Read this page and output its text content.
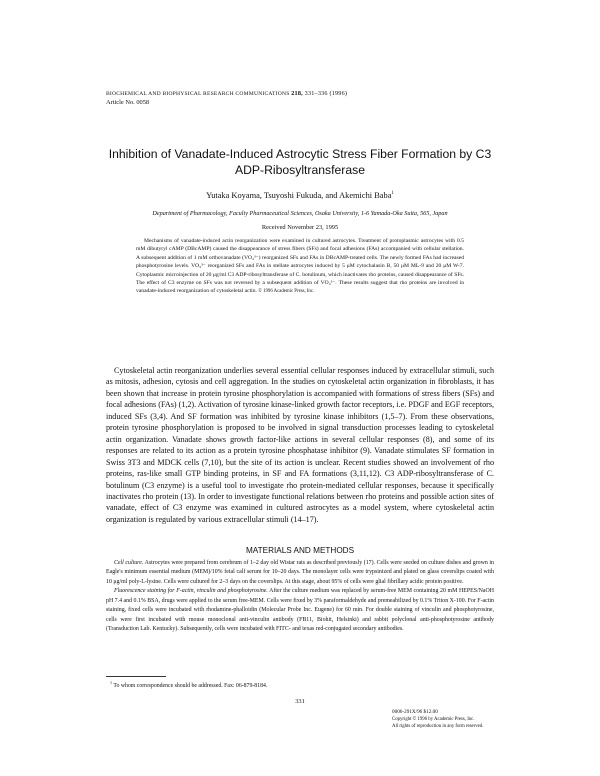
BIOCHEMICAL AND BIOPHYSICAL RESEARCH COMMUNICATIONS 218, 331–336 (1996)
Article No. 0058
Inhibition of Vanadate-Induced Astrocytic Stress Fiber Formation by C3 ADP-Ribosyltransferase
Yutaka Koyama, Tsuyoshi Fukuda, and Akemichi Baba$^1$
Department of Pharmacology, Faculty Pharmaceutical Sciences, Osaka University, 1-6 Yamada-Oka Suita, 565, Japan
Received November 23, 1995
Mechanisms of vanadate-induced actin reorganization were examined in cultured astrocytes. Treatment of protoplasmic astrocytes with 0.5 mM dibutyryl cAMP (DBcAMP) caused the disappearance of stress fibers (SFs) and focal adhesions (FAs) accompanied with cellular stellation. A subsequent addition of 1 mM orthovanadate (VO₄³⁻) reorganized SFs and FAs in DBcAMP-treated cells. The newly formed FAs had increased phosphotyrosine levels. VO₄³⁻ reorganized SFs and FAs in stellate astrocytes induced by 5 μM cytochalasin B, 50 μM ML-9 and 20 μM W-7. Cytoplasmic microinjection of 20 μg/ml C3 ADP-ribosyltransferase of C. botulinum, which inactivates rho proteins, caused disappearance of SFs. The effect of C3 enzyme on SFs was not reversed by a subsequent addition of VO₄³⁻. These results suggest that rho proteins are involved in vanadate-induced reorganization of cytoskeletal actin. © 1996 Academic Press, Inc.
Cytoskeletal actin reorganization underlies several essential cellular responses induced by extracellular stimuli, such as mitosis, adhesion, cytosis and cell aggregation. In the studies on cytoskeletal actin organization in fibroblasts, it has been shown that increase in protein tyrosine phosphorylation is accompanied with formations of stress fibers (SFs) and focal adhesions (FAs) (1,2). Activation of tyrosine kinase-linked growth factor receptors, i.e. PDGF and EGF receptors, induced SFs (3,4). And SF formation was inhibited by tyrosine kinase inhibitors (1,5–7). From these observations, protein tyrosine phosphorylation is proposed to be involved in signal transduction processes leading to cytoskeletal actin organization. Vanadate shows growth factor-like actions in several cellular responses (8), and some of its responses are related to its action as a protein tyrosine phosphatase inhibitor (9). Vanadate stimulates SF formation in Swiss 3T3 and MDCK cells (7,10), but the site of its action is unclear. Recent studies showed an involvement of rho proteins, ras-like small GTP binding proteins, in SF and FA formations (3,11,12). C3 ADP-ribosyltransferase of C. botulinum (C3 enzyme) is a useful tool to investigate rho protein-mediated cellular responses, because it specifically inactivates rho protein (13). In order to investigate functional relations between rho proteins and possible action sites of vanadate, effect of C3 enzyme was examined in cultured astrocytes as a model system, where cytoskeletal actin organization is regulated by various extracellular stimuli (14–17).
MATERIALS AND METHODS

Cell culture. Astrocytes were prepared from cerebrum of 1–2 day old Wistar rats as described previously (17). Cells were seeded on culture dishes and grown in Eagle's minimum essential medium (MEM)/10% fetal calf serum for 10–20 days. The monolayer cells were trypsinized and plated on glass coverslips coated with 10 μg/ml poly-L-lysine. Cells were cultured for 2–3 days on the coverslips. At this stage, about 95% of cells were glial fibrillary acidic protein positive.

Fluorescence staining for F-actin, vinculin and phosphotyrosine. After the culture medium was replaced by serum-free MEM containing 20 mM HEPES/NaOH pH 7.4 and 0.1% BSA, drugs were applied to the serum free-MEM. Cells were fixed by 3% paraformaldehyde and premeabilized by 0.1% Triton X-100. For F-actin staining, fixed cells were incubated with rhodamine-phalloidin (Molecular Probe Inc. Eugene) for 60 min. For double staining of vinculin and phosphotyrosine, cells were first incubated with mouse monoclonal anti-vinculin antibody (FB11, Biohit, Helsinki) and rabbit polyclonal anti-phosphotyrosine antibody (Transduction Lab. Kentucky). Subsequently, cells were incubated with FITC- and texas red-conjugated secondary antibodies.

$^1$ To whom correspondence should be addressed. Fax: 06-879-8184.
331
0006-291X/96 $12.00
Copyright © 1996 by Academic Press, Inc.
All rights of reproduction in any form reserved.
